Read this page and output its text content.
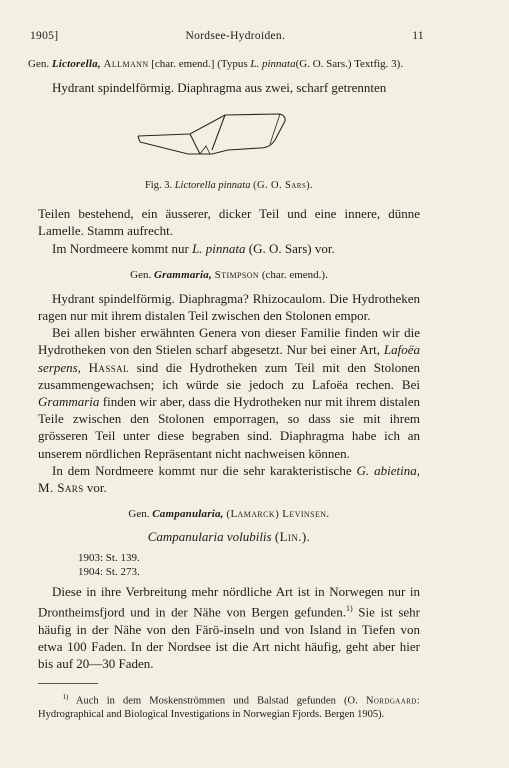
1905]	Nordsee-Hydroiden.	11
Gen. Lictorella, Allmann [char. emend.] (Typus L. pinnata(G. O. Sars.) Textfig. 3).

Hydrant spindelförmig. Diaphragma aus zwei, scharf getrennten

Fig. 3. Lictorella pinnata (G. O. Sars).

Teilen bestehend, ein äusserer, dicker Teil und eine innere, dünne Lamelle. Stamm aufrecht.

Im Nordmeere kommt nur L. pinnata (G. O. Sars) vor.

Gen. Grammaria, Stimpson (char. emend.).

Hydrant spindelförmig. Diaphragma? Rhizocaulom. Die Hydrotheken ragen nur mit ihrem distalen Teil zwischen den Stolonen empor.

Bei allen bisher erwähnten Genera von dieser Familie finden wir die Hydrotheken von den Stielen scharf abgesetzt. Nur bei einer Art, Lafoëa serpens, Hassal sind die Hydrotheken zum Teil mit den Stolonen zusammengewachsen; ich würde sie jedoch zu Lafoëa rechen. Bei Grammaria finden wir aber, dass die Hydrotheken nur mit ihrem distalen Teile zwischen den Stolonen emporragen, so dass sie mit ihrem grösseren Teil unter diese begraben sind. Diaphragma habe ich an unserem nördlichen Repräsentant nicht nachweisen können.

In dem Nordmeere kommt nur die sehr karakteristische G. abietina, M. Sars vor.

Gen. Campanularia, (Lamarck) Levinsen.
Campanularia volubilis (Lin.).
1903: St. 139.
1904: St. 273.

Diese in ihre Verbreitung mehr nördliche Art ist in Norwegen nur in Drontheimsfjord und in der Nähe von Bergen gefunden.$^{1)}$ Sie ist sehr häufig in der Nähe von den Färö-inseln und von Island in Tiefen von etwa 100 Faden. In der Nordsee ist die Art nicht häufig, geht aber hier bis auf 20—30 Faden.

$^{1)}$ Auch in dem Moskenströmmen und Balstad gefunden (O. Nordgaard: Hydrographical and Biological Investigations in Norwegian Fjords. Bergen 1905).
